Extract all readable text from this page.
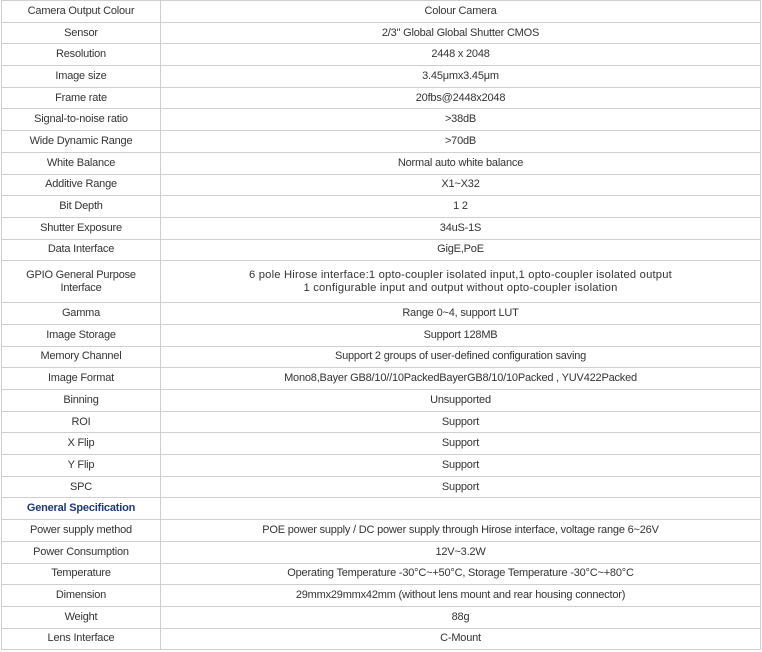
Camera Output Colour	Colour Camera
Sensor	2/3" Global Global Shutter CMOS
Resolution	2448 x 2048
Image size	3.45μmx3.45μm
Frame rate	20fbs@2448x2048
Signal-to-noise ratio	>38dB
Wide Dynamic Range	>70dB
White Balance	Normal auto white balance
Additive Range	X1~X32
Bit Depth	1 2
Shutter Exposure	34uS-1S
Data Interface	GigE,PoE
GPIO General Purpose Interface	6 pole Hirose interface:1 opto-coupler isolated input,1 opto-coupler isolated output
1 configurable input and output without opto-coupler isolation

Gamma	Range 0~4, support LUT
Image Storage	Support 128MB
Memory Channel	Support 2 groups of user-defined configuration saving
Image Format	Mono8,Bayer GB8/10//10PackedBayerGB8/10/10Packed , YUV422Packed
Binning	Unsupported
ROI	Support
X Flip	Support
Y Flip	Support
SPC	Support
General Specification	
Power supply method	POE power supply / DC power supply through Hirose interface, voltage range 6~26V
Power Consumption	12V~3.2W
Temperature	Operating Temperature -30°C~+50°C, Storage Temperature -30°C~+80°C
Dimension	29mmx29mmx42mm (without lens mount and rear housing connector)
Weight	88g
Lens Interface	C-Mount
